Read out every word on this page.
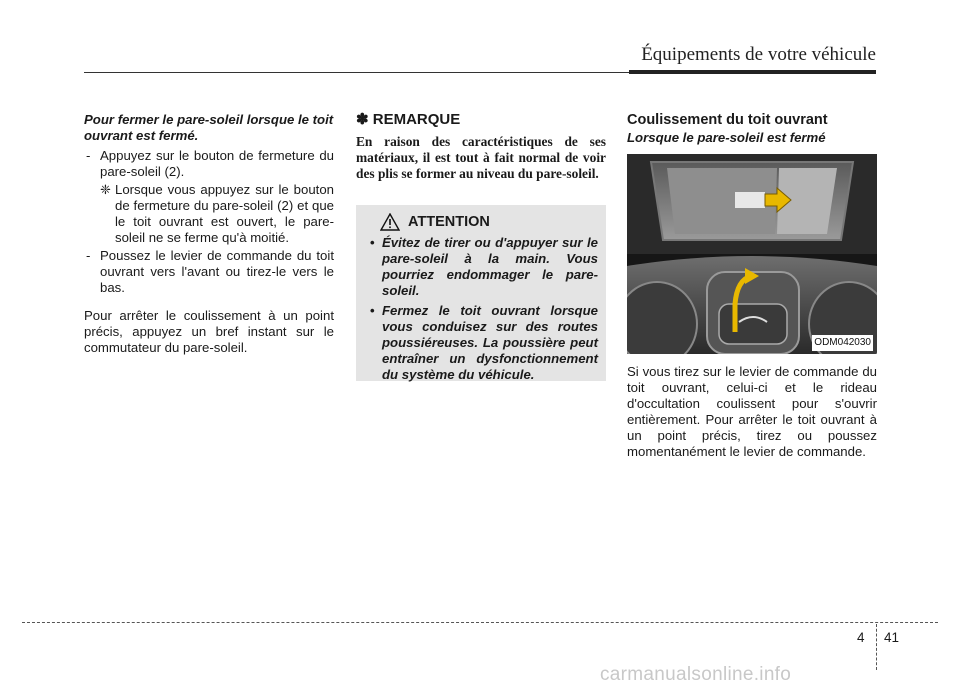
Équipements de votre véhicule

Pour fermer le pare-soleil lorsque le toit ouvrant est fermé.

- Appuyez sur le bouton de fermeture du pare-soleil (2).

❈ Lorsque vous appuyez sur le bouton de fermeture du pare-soleil (2) et que le toit ouvrant est ouvert, le pare-soleil ne se ferme qu'à moitié.

- Poussez le levier de commande du toit ouvrant vers l'avant ou tirez-le vers le bas.

Pour arrêter le coulissement à un point précis, appuyez un bref instant sur le commutateur du pare-soleil.

✽ REMARQUE

En raison des caractéristiques de ses matériaux, il est tout à fait normal de voir des plis se former au niveau du pare-soleil.

ATTENTION

• Évitez de tirer ou d'appuyer sur le pare-soleil à la main. Vous pourriez endommager le pare-soleil.

• Fermez le toit ouvrant lorsque vous conduisez sur des routes poussiéreuses. La poussière peut entraîner un dysfonctionnement du système du véhicule.

Coulissement du toit ouvrant

Lorsque le pare-soleil est fermé

ODM042030

Si vous tirez sur le levier de commande du toit ouvrant, celui-ci et le rideau d'occultation coulissent pour s'ouvrir entièrement. Pour arrêter le toit ouvrant à un point précis, tirez ou poussez momentanément le levier de commande.

4 41
carmanualsonline.info
